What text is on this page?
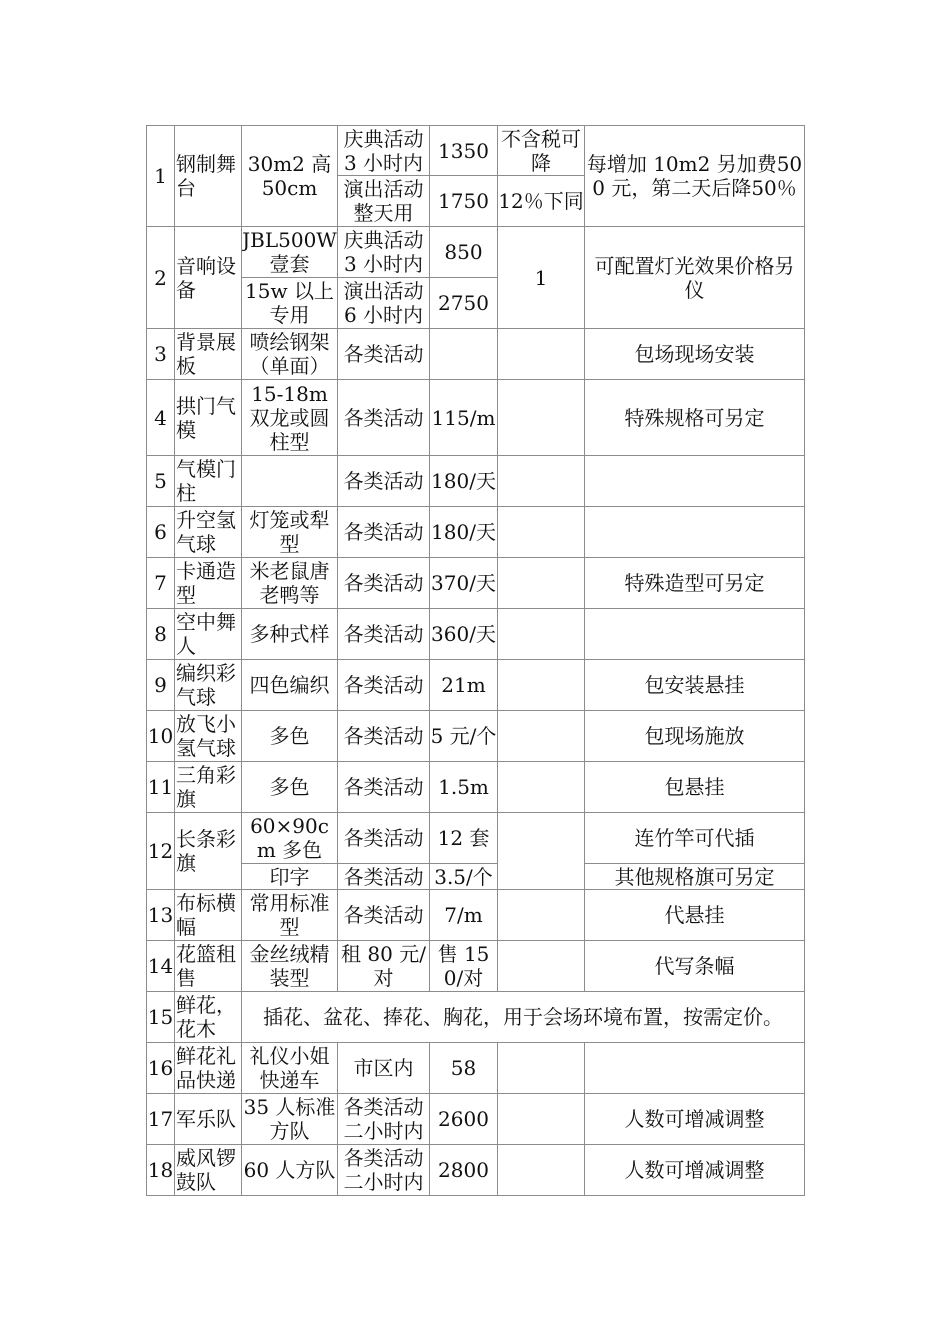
1	钢制舞台	30m2 高 50cm	庆典活动3 小时内	1350	不含税可降	每增加 10m2 另加费500 元，第二天后降50％
			演出活动整天用	1750	12％下同	
2	音响设备	JBL500W 壹套	庆典活动3 小时内	850	1	可配置灯光效果价格另仪
		15w 以上专用	演出活动6 小时内	2750		
3	背景展板	喷绘钢架（单面）	各类活动			包场现场安装
4	拱门气模	15-18m 双龙或圆柱型	各类活动	115/m		特殊规格可另定
5	气模门柱		各类活动	180/天		
6	升空氢气球	灯笼或犁型	各类活动	180/天		
7	卡通造型	米老鼠唐老鸭等	各类活动	370/天		特殊造型可另定
8	空中舞人	多种式样	各类活动	360/天		
9	编织彩气球	四色编织	各类活动	21m		包安装悬挂
10	放飞小氢气球	多色	各类活动	5 元/个		包现场施放
11	三角彩旗	多色	各类活动	1.5m		包悬挂
12	长条彩旗	60×90cm 多色	各类活动	12 套		连竹竿可代插
		印字	各类活动	3.5/个		其他规格旗可另定
13	布标横幅	常用标准型	各类活动	7/m		代悬挂
14	花篮租售	金丝绒精装型	租 80 元/对	售 150/对		代写条幅
15	鲜花，花木	插花、盆花、捧花、胸花，用于会场环境布置，按需定价。				
16	鲜花礼品快递	礼仪小姐快递车	市区内	58		
17	军乐队	35 人标准方队	各类活动二小时内	2600		人数可增减调整
18	威风锣鼓队	60 人方队	各类活动二小时内	2800		人数可增减调整
